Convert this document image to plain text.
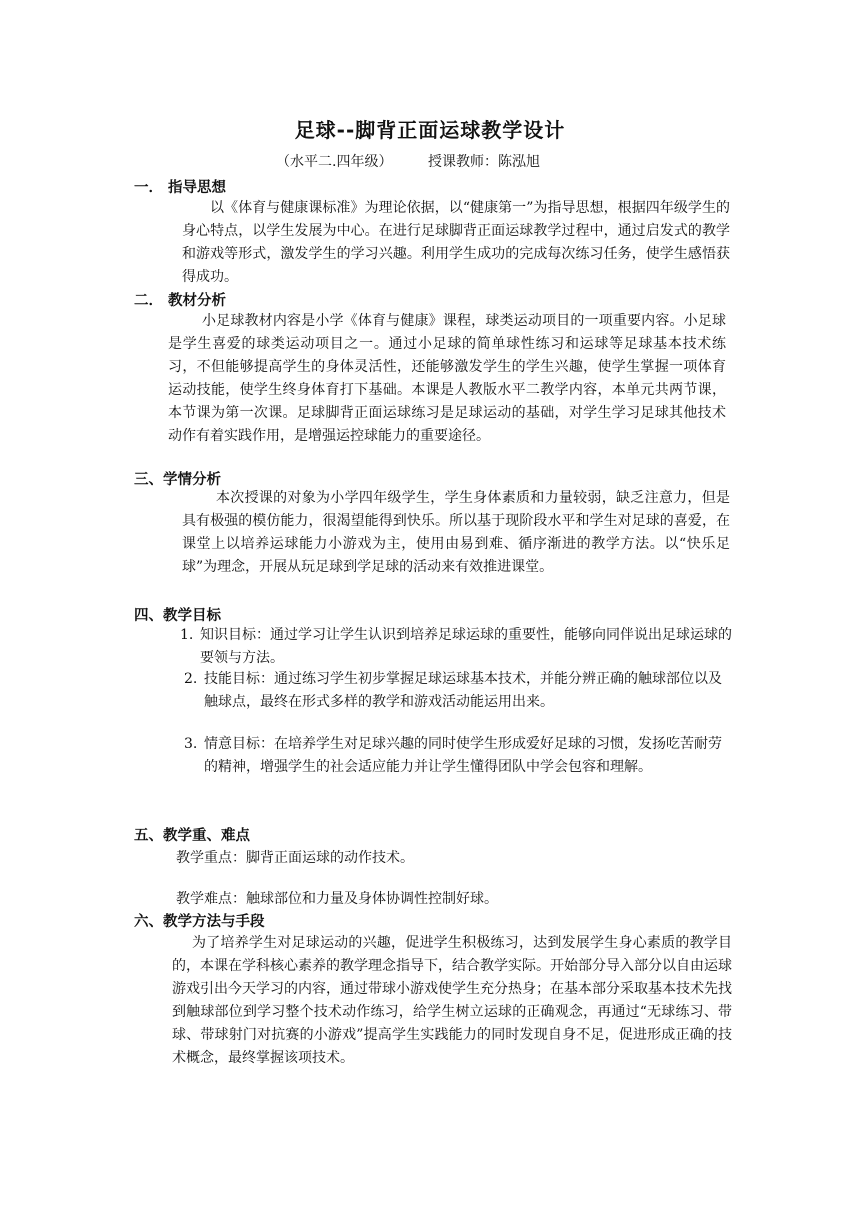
足球--脚背正面运球教学设计
（水平二.四年级）        授课教师：陈泓旭
一． 指导思想
以《体育与健康课标准》为理论依据，以“健康第一”为指导思想，根据四年级学生的身心特点，以学生发展为中心。在进行足球脚背正面运球教学过程中，通过启发式的教学和游戏等形式，激发学生的学习兴趣。利用学生成功的完成每次练习任务，使学生感悟获得成功。
二． 教材分析
小足球教材内容是小学《体育与健康》课程，球类运动项目的一项重要内容。小足球是学生喜爱的球类运动项目之一。通过小足球的简单球性练习和运球等足球基本技术练习，不但能够提高学生的身体灵活性，还能够激发学生的学生兴趣，使学生掌握一项体育运动技能，使学生终身体育打下基础。本课是人教版水平二教学内容，本单元共两节课，本节课为第一次课。足球脚背正面运球练习是足球运动的基础，对学生学习足球其他技术动作有着实践作用，是增强运控球能力的重要途径。
三、学情分析
本次授课的对象为小学四年级学生，学生身体素质和力量较弱，缺乏注意力，但是具有极强的模仿能力，很渴望能得到快乐。所以基于现阶段水平和学生对足球的喜爱，在课堂上以培养运球能力小游戏为主，使用由易到难、循序渐进的教学方法。以“快乐足球”为理念，开展从玩足球到学足球的活动来有效推进课堂。
四、教学目标
1. 知识目标：通过学习让学生认识到培养足球运球的重要性，能够向同伴说出足球运球的要领与方法。
2. 技能目标：通过练习学生初步掌握足球运球基本技术，并能分辨正确的触球部位以及触球点，最终在形式多样的教学和游戏活动能运用出来。
3. 情意目标：在培养学生对足球兴趣的同时使学生形成爱好足球的习惯，发扬吃苦耐劳的精神，增强学生的社会适应能力并让学生懂得团队中学会包容和理解。
五、教学重、难点
教学重点：脚背正面运球的动作技术。
教学难点：触球部位和力量及身体协调性控制好球。
六、教学方法与手段
为了培养学生对足球运动的兴趣，促进学生积极练习，达到发展学生身心素质的教学目的，本课在学科核心素养的教学理念指导下，结合教学实际。开始部分导入部分以自由运球游戏引出今天学习的内容，通过带球小游戏使学生充分热身；在基本部分采取基本技术先找到触球部位到学习整个技术动作练习，给学生树立运球的正确观念，再通过“无球练习、带球、带球射门对抗赛的小游戏”提高学生实践能力的同时发现自身不足，促进形成正确的技术概念，最终掌握该项技术。
